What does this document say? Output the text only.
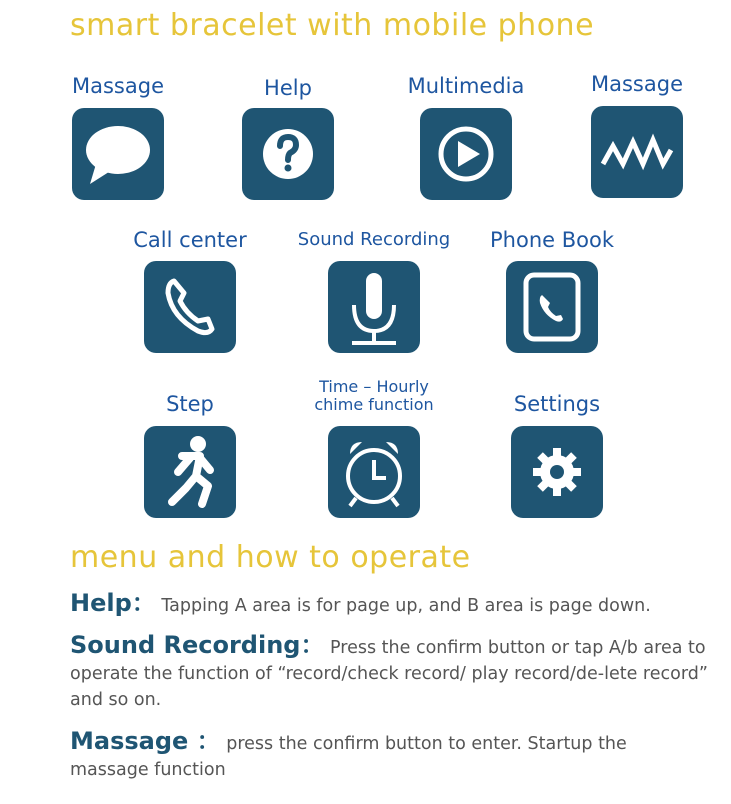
smart bracelet with mobile phone
Massage	Help	Multimedia	Massage
Call center	Sound Recording	Phone Book
Step
Time – Hourly chime function	Settings
menu and how to operate
Help： Tapping A area is for page up, and B area is page down.
Sound Recording： Press the confirm button or tap A/b area to operate the function of “record/check record/ play record/de-lete record” and so on.
Massage ： press the confirm button to enter. Startup the massage function
